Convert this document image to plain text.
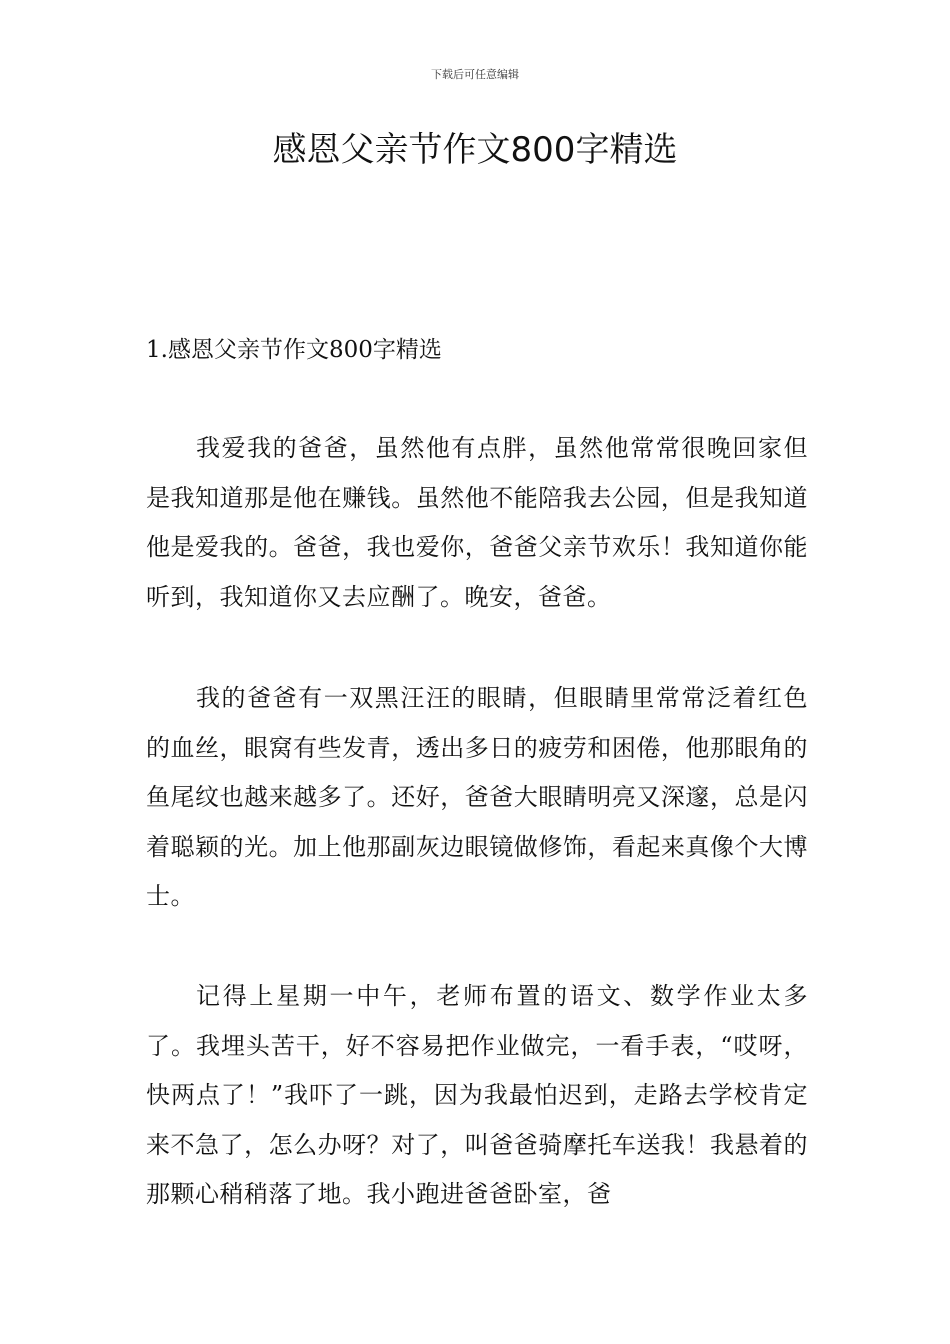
下载后可任意编辑
感恩父亲节作文800字精选
1.感恩父亲节作文800字精选

我爱我的爸爸，虽然他有点胖，虽然他常常很晚回家但是我知道那是他在赚钱。虽然他不能陪我去公园，但是我知道他是爱我的。爸爸，我也爱你，爸爸父亲节欢乐！我知道你能听到，我知道你又去应酬了。晚安，爸爸。

我的爸爸有一双黑汪汪的眼睛，但眼睛里常常泛着红色的血丝，眼窝有些发青，透出多日的疲劳和困倦，他那眼角的鱼尾纹也越来越多了。还好，爸爸大眼睛明亮又深邃，总是闪着聪颖的光。加上他那副灰边眼镜做修饰，看起来真像个大博士。

记得上星期一中午，老师布置的语文、数学作业太多了。我埋头苦干，好不容易把作业做完，一看手表，“哎呀，快两点了！”我吓了一跳，因为我最怕迟到，走路去学校肯定来不急了，怎么办呀？对了，叫爸爸骑摩托车送我！我悬着的那颗心稍稍落了地。我小跑进爸爸卧室，爸
